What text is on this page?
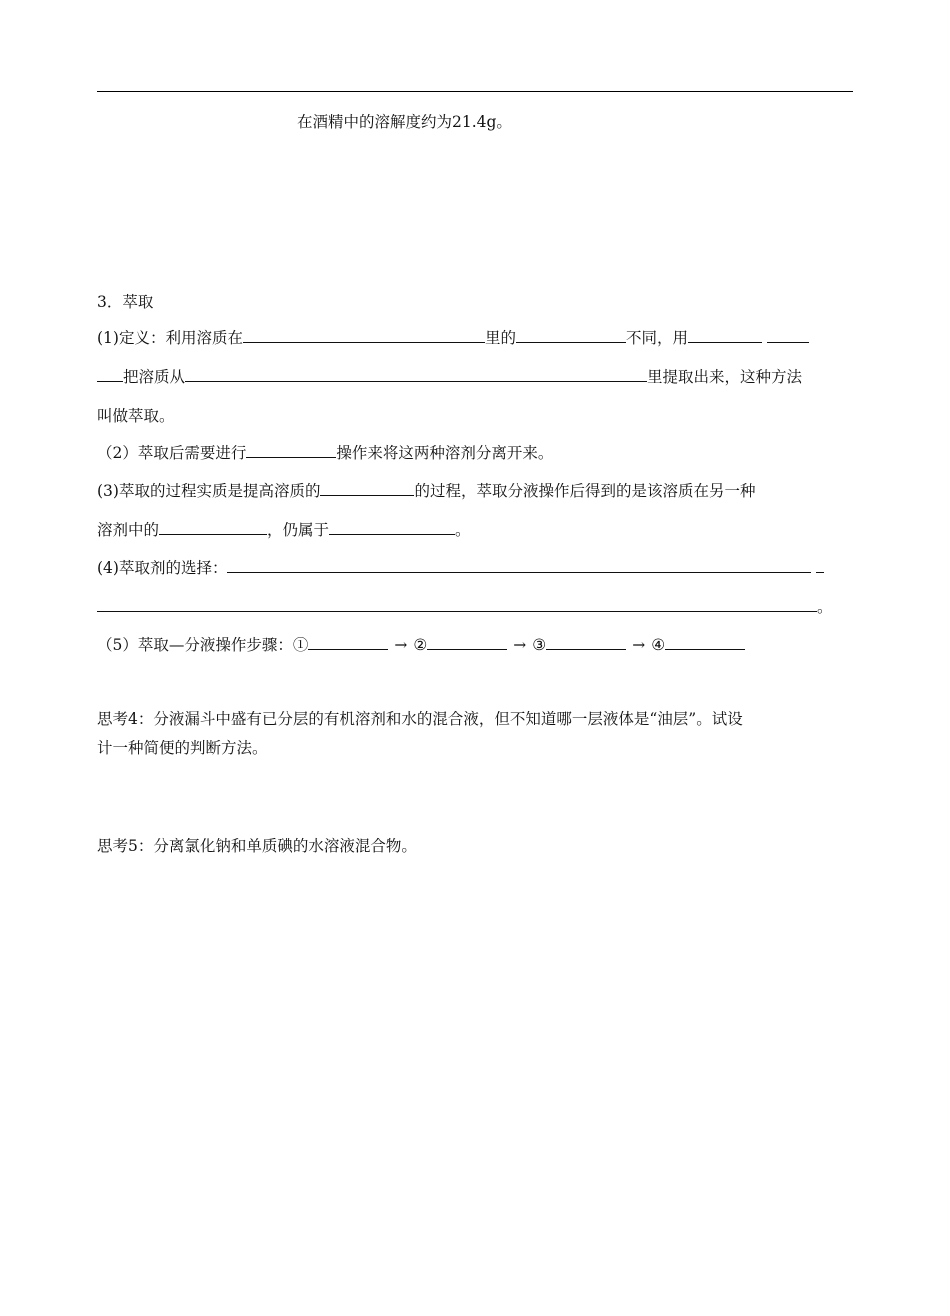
在酒精中的溶解度约为21.4g。
3．萃取
(1)定义：利用溶质在	里的	不同，用
把溶质从	里提取出来，这种方法
叫做萃取。
（2）萃取后需要进行	操作来将这两种溶剂分离开来。
(3)萃取的过程实质是提高溶质的	的过程，萃取分液操作后得到的是该溶质在另一种
溶剂中的	，仍属于	。
(4)萃取剂的选择：
。
（5）萃取—分液操作步骤：①	→ ②	→ ③	→ ④
思考4：分液漏斗中盛有已分层的有机溶剂和水的混合液，但不知道哪一层液体是“油层”。试设
计一种简便的判断方法。
思考5：分离氯化钠和单质碘的水溶液混合物。
